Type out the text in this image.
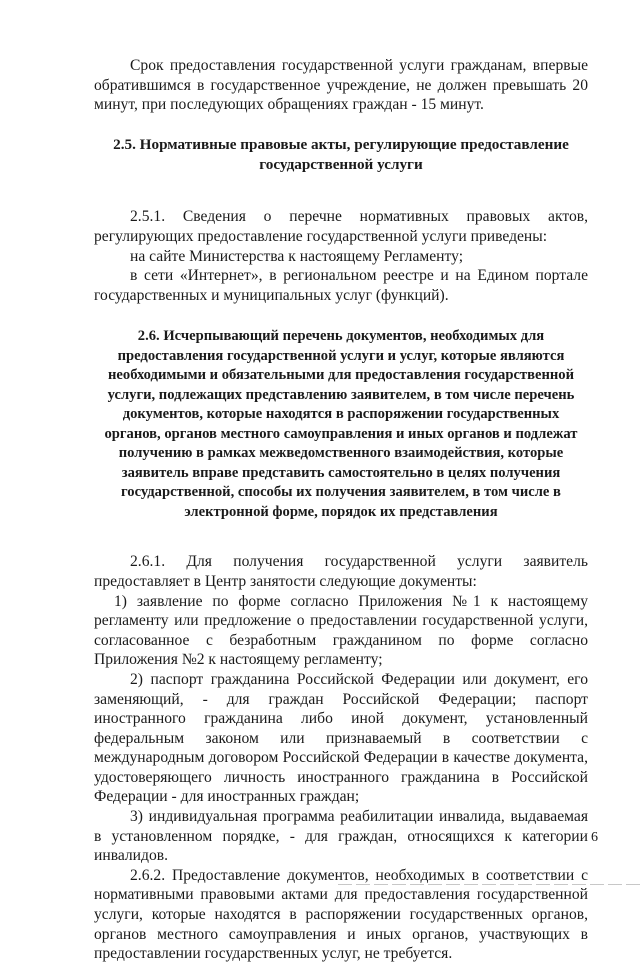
Срок предоставления государственной услуги гражданам, впервые обратившимся в государственное учреждение, не должен превышать 20 минут, при последующих обращениях граждан - 15 минут.

2.5. Нормативные правовые акты, регулирующие предоставление государственной услуги

2.5.1. Сведения о перечне нормативных правовых актов, регулирующих предоставление государственной услуги приведены:

на сайте Министерства к настоящему Регламенту;

в сети «Интернет», в региональном реестре и на Едином портале государственных и муниципальных услуг (функций).

2.6. Исчерпывающий перечень документов, необходимых для предоставления государственной услуги и услуг, которые являются необходимыми и обязательными для предоставления государственной услуги, подлежащих представлению заявителем, в том числе перечень документов, которые находятся в распоряжении государственных органов, органов местного самоуправления и иных органов и подлежат получению в рамках межведомственного взаимодействия, которые заявитель вправе представить самостоятельно в целях получения государственной, способы их получения заявителем, в том числе в электронной форме, порядок их представления

2.6.1. Для получения государственной услуги заявитель предоставляет в Центр занятости следующие документы:

1) заявление по форме согласно Приложения №1 к настоящему регламенту или предложение о предоставлении государственной услуги, согласованное с безработным гражданином по форме согласно Приложения №2 к настоящему регламенту;

2) паспорт гражданина Российской Федерации или документ, его заменяющий, - для граждан Российской Федерации; паспорт иностранного гражданина либо иной документ, установленный федеральным законом или признаваемый в соответствии с международным договором Российской Федерации в качестве документа, удостоверяющего личность иностранного гражданина в Российской Федерации - для иностранных граждан;

3) индивидуальная программа реабилитации инвалида, выдаваемая в установленном порядке, - для граждан, относящихся к категории инвалидов.

2.6.2. Предоставление документов, необходимых в соответствии с нормативными правовыми актами для предоставления государственной услуги, которые находятся в распоряжении государственных органов, органов местного самоуправления и иных органов, участвующих в предоставлении государственных услуг, не требуется.

6
